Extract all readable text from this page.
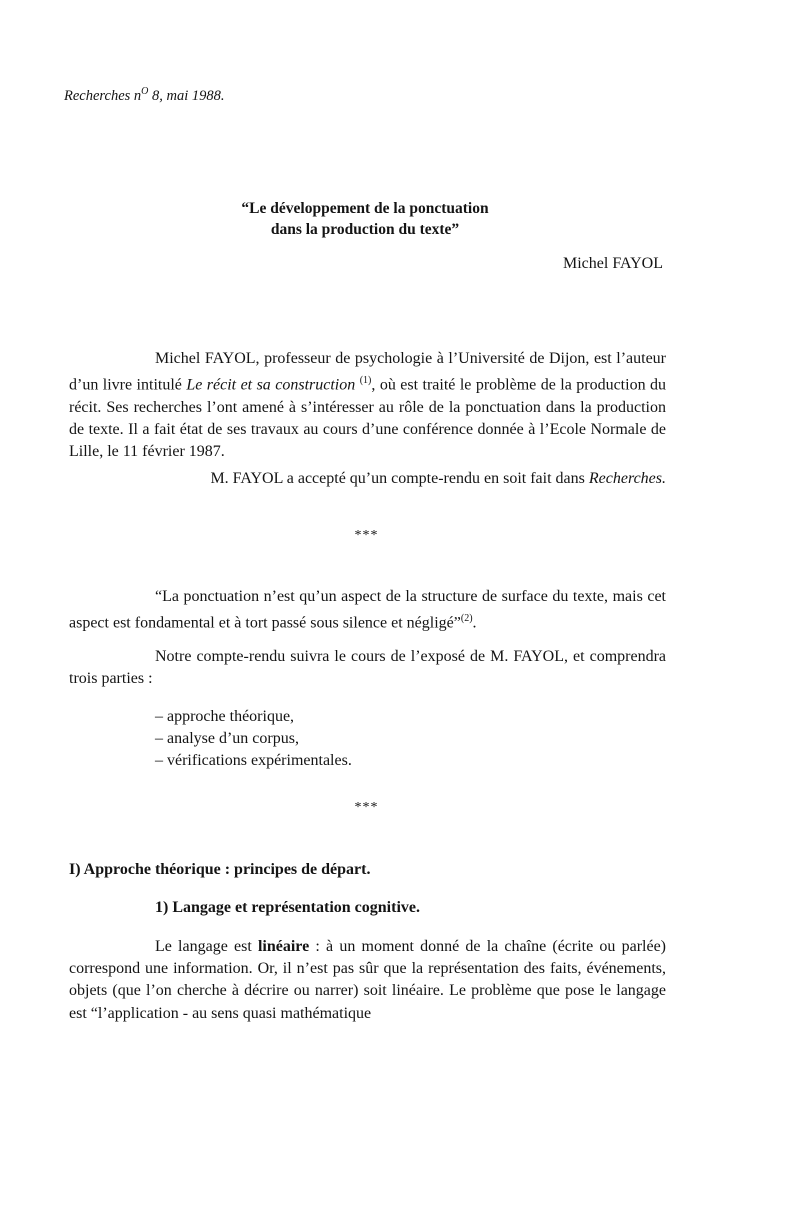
Recherches $n^O$ 8, mai 1988.

“Le développement de la ponctuation

dans la production du texte”

Michel FAYOL

Michel FAYOL, professeur de psychologie à l’Université de Dijon, est l’auteur d’un livre intitulé Le récit et sa construction $^{(1)}$, où est traité le problème de la production du récit. Ses recherches l’ont amené à s’intéresser au rôle de la ponctuation dans la production de texte. Il a fait état de ses travaux au cours d’une conférence donnée à l’Ecole Normale de Lille, le 11 février 1987.

M. FAYOL a accepté qu’un compte-rendu en soit fait dans Recherches.

***

“La ponctuation n’est qu’un aspect de la structure de surface du texte, mais cet aspect est fondamental et à tort passé sous silence et négligé”$^{(2)}$.

Notre compte-rendu suivra le cours de l’exposé de M. FAYOL, et comprendra trois parties :

– approche théorique,
– analyse d’un corpus,
– vérifications expérimentales.

***

I) Approche théorique : principes de départ.

1) Langage et représentation cognitive.

Le langage est linéaire : à un moment donné de la chaîne (écrite ou parlée) correspond une information. Or, il n’est pas sûr que la représentation des faits, événements, objets (que l’on cherche à décrire ou narrer) soit linéaire. Le problème que pose le langage est “l’application - au sens quasi mathématique
